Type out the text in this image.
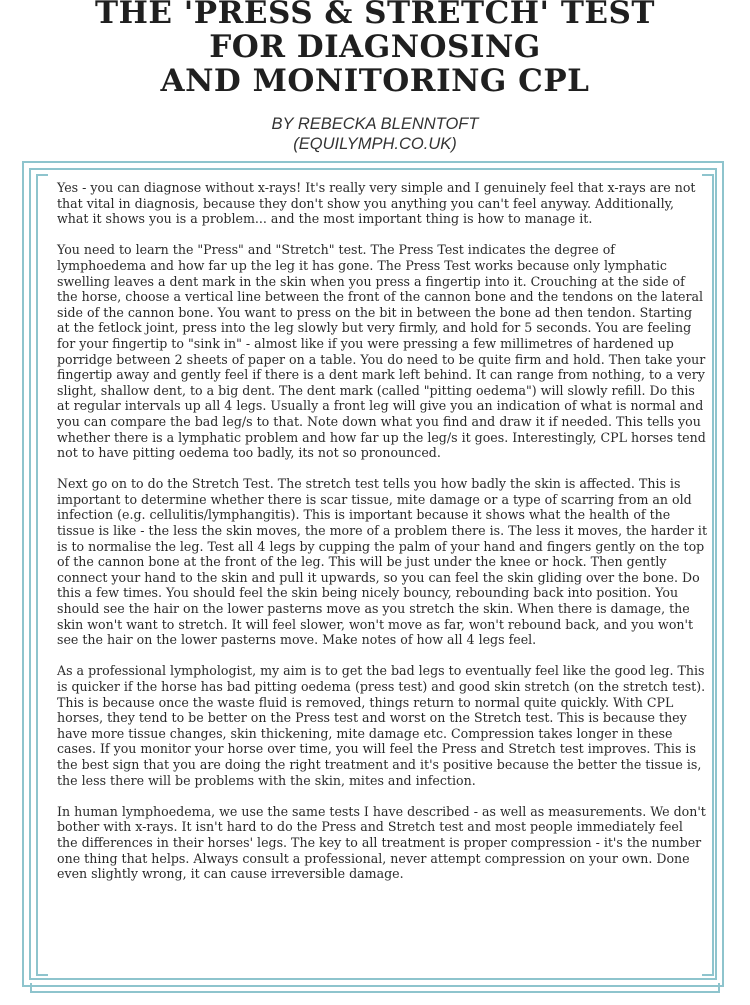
THE 'PRESS & STRETCH' TEST
FOR DIAGNOSING
AND MONITORING CPL
BY REBECKA BLENNTOFT
(EQUILYMPH.CO.UK)

Yes - you can diagnose without x-rays! It's really very simple and I genuinely feel that x-rays are not that vital in diagnosis, because they don't show you anything you can't feel anyway. Additionally, what it shows you is a problem... and the most important thing is how to manage it.

You need to learn the "Press" and "Stretch" test. The Press Test indicates the degree of lymphoedema and how far up the leg it has gone. The Press Test works because only lymphatic swelling leaves a dent mark in the skin when you press a fingertip into it. Crouching at the side of the horse, choose a vertical line between the front of the cannon bone and the tendons on the lateral side of the cannon bone. You want to press on the bit in between the bone ad then tendon. Starting at the fetlock joint, press into the leg slowly but very firmly, and hold for 5 seconds. You are feeling for your fingertip to "sink in" - almost like if you were pressing a few millimetres of hardened up porridge between 2 sheets of paper on a table. You do need to be quite firm and hold. Then take your fingertip away and gently feel if there is a dent mark left behind. It can range from nothing, to a very slight, shallow dent, to a big dent. The dent mark (called "pitting oedema") will slowly refill. Do this at regular intervals up all 4 legs. Usually a front leg will give you an indication of what is normal and you can compare the bad leg/s to that. Note down what you find and draw it if needed. This tells you whether there is a lymphatic problem and how far up the leg/s it goes. Interestingly, CPL horses tend not to have pitting oedema too badly, its not so pronounced.

Next go on to do the Stretch Test. The stretch test tells you how badly the skin is affected. This is important to determine whether there is scar tissue, mite damage or a type of scarring from an old infection (e.g. cellulitis/lymphangitis). This is important because it shows what the health of the tissue is like - the less the skin moves, the more of a problem there is. The less it moves, the harder it is to normalise the leg. Test all 4 legs by cupping the palm of your hand and fingers gently on the top of the cannon bone at the front of the leg. This will be just under the knee or hock. Then gently connect your hand to the skin and pull it upwards, so you can feel the skin gliding over the bone. Do this a few times. You should feel the skin being nicely bouncy, rebounding back into position. You should see the hair on the lower pasterns move as you stretch the skin. When there is damage, the skin won't want to stretch. It will feel slower, won't move as far, won't rebound back, and you won't see the hair on the lower pasterns move. Make notes of how all 4 legs feel.

As a professional lymphologist, my aim is to get the bad legs to eventually feel like the good leg. This is quicker if the horse has bad pitting oedema (press test) and good skin stretch (on the stretch test). This is because once the waste fluid is removed, things return to normal quite quickly. With CPL horses, they tend to be better on the Press test and worst on the Stretch test. This is because they have more tissue changes, skin thickening, mite damage etc. Compression takes longer in these cases. If you monitor your horse over time, you will feel the Press and Stretch test improves. This is the best sign that you are doing the right treatment and it's positive because the better the tissue is, the less there will be problems with the skin, mites and infection.

In human lymphoedema, we use the same tests I have described - as well as measurements. We don't bother with x-rays. It isn't hard to do the Press and Stretch test and most people immediately feel the differences in their horses' legs. The key to all treatment is proper compression - it's the number one thing that helps. Always consult a professional, never attempt compression on your own. Done even slightly wrong, it can cause irreversible damage.
